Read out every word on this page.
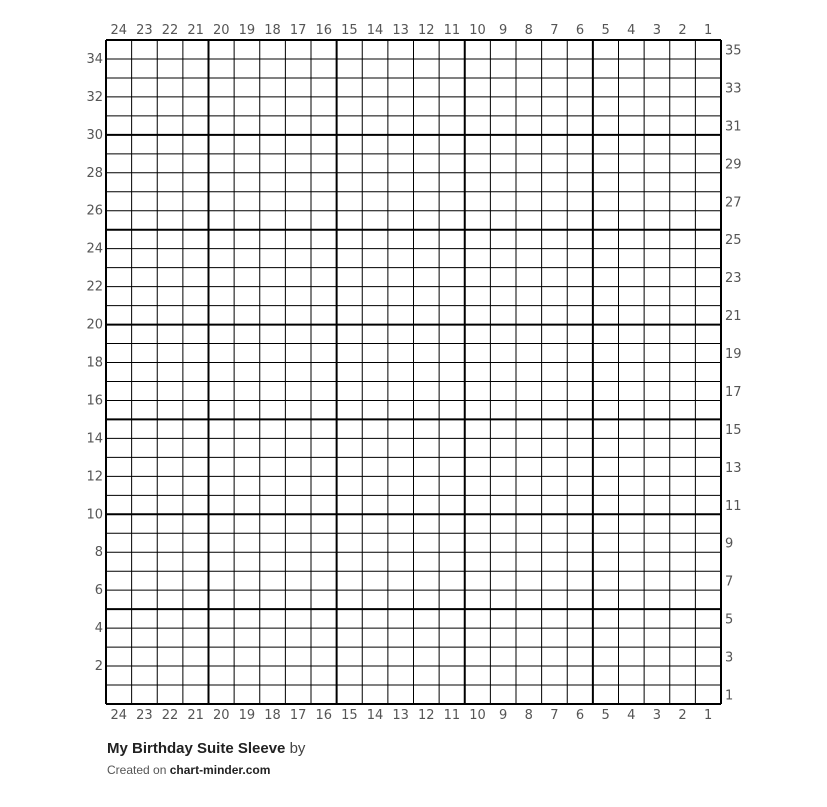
24
24
23
23
22
22
21
21
20
20
19
19
18
18
17
17
16
16
15
15
14
14
13
13
12
12
11
11
10
10
9
9
8
8
7
7
6
6
5
5
4
4
3
3
2
2
1
1
2
4
6
8
10
12
14
16
18
20
22
24
26
28
30
32
34
1
3
5
7
9
11
13
15
17
19
21
23
25
27
29
31
33
35
My Birthday Suite Sleeve by
Created on chart-minder.com
